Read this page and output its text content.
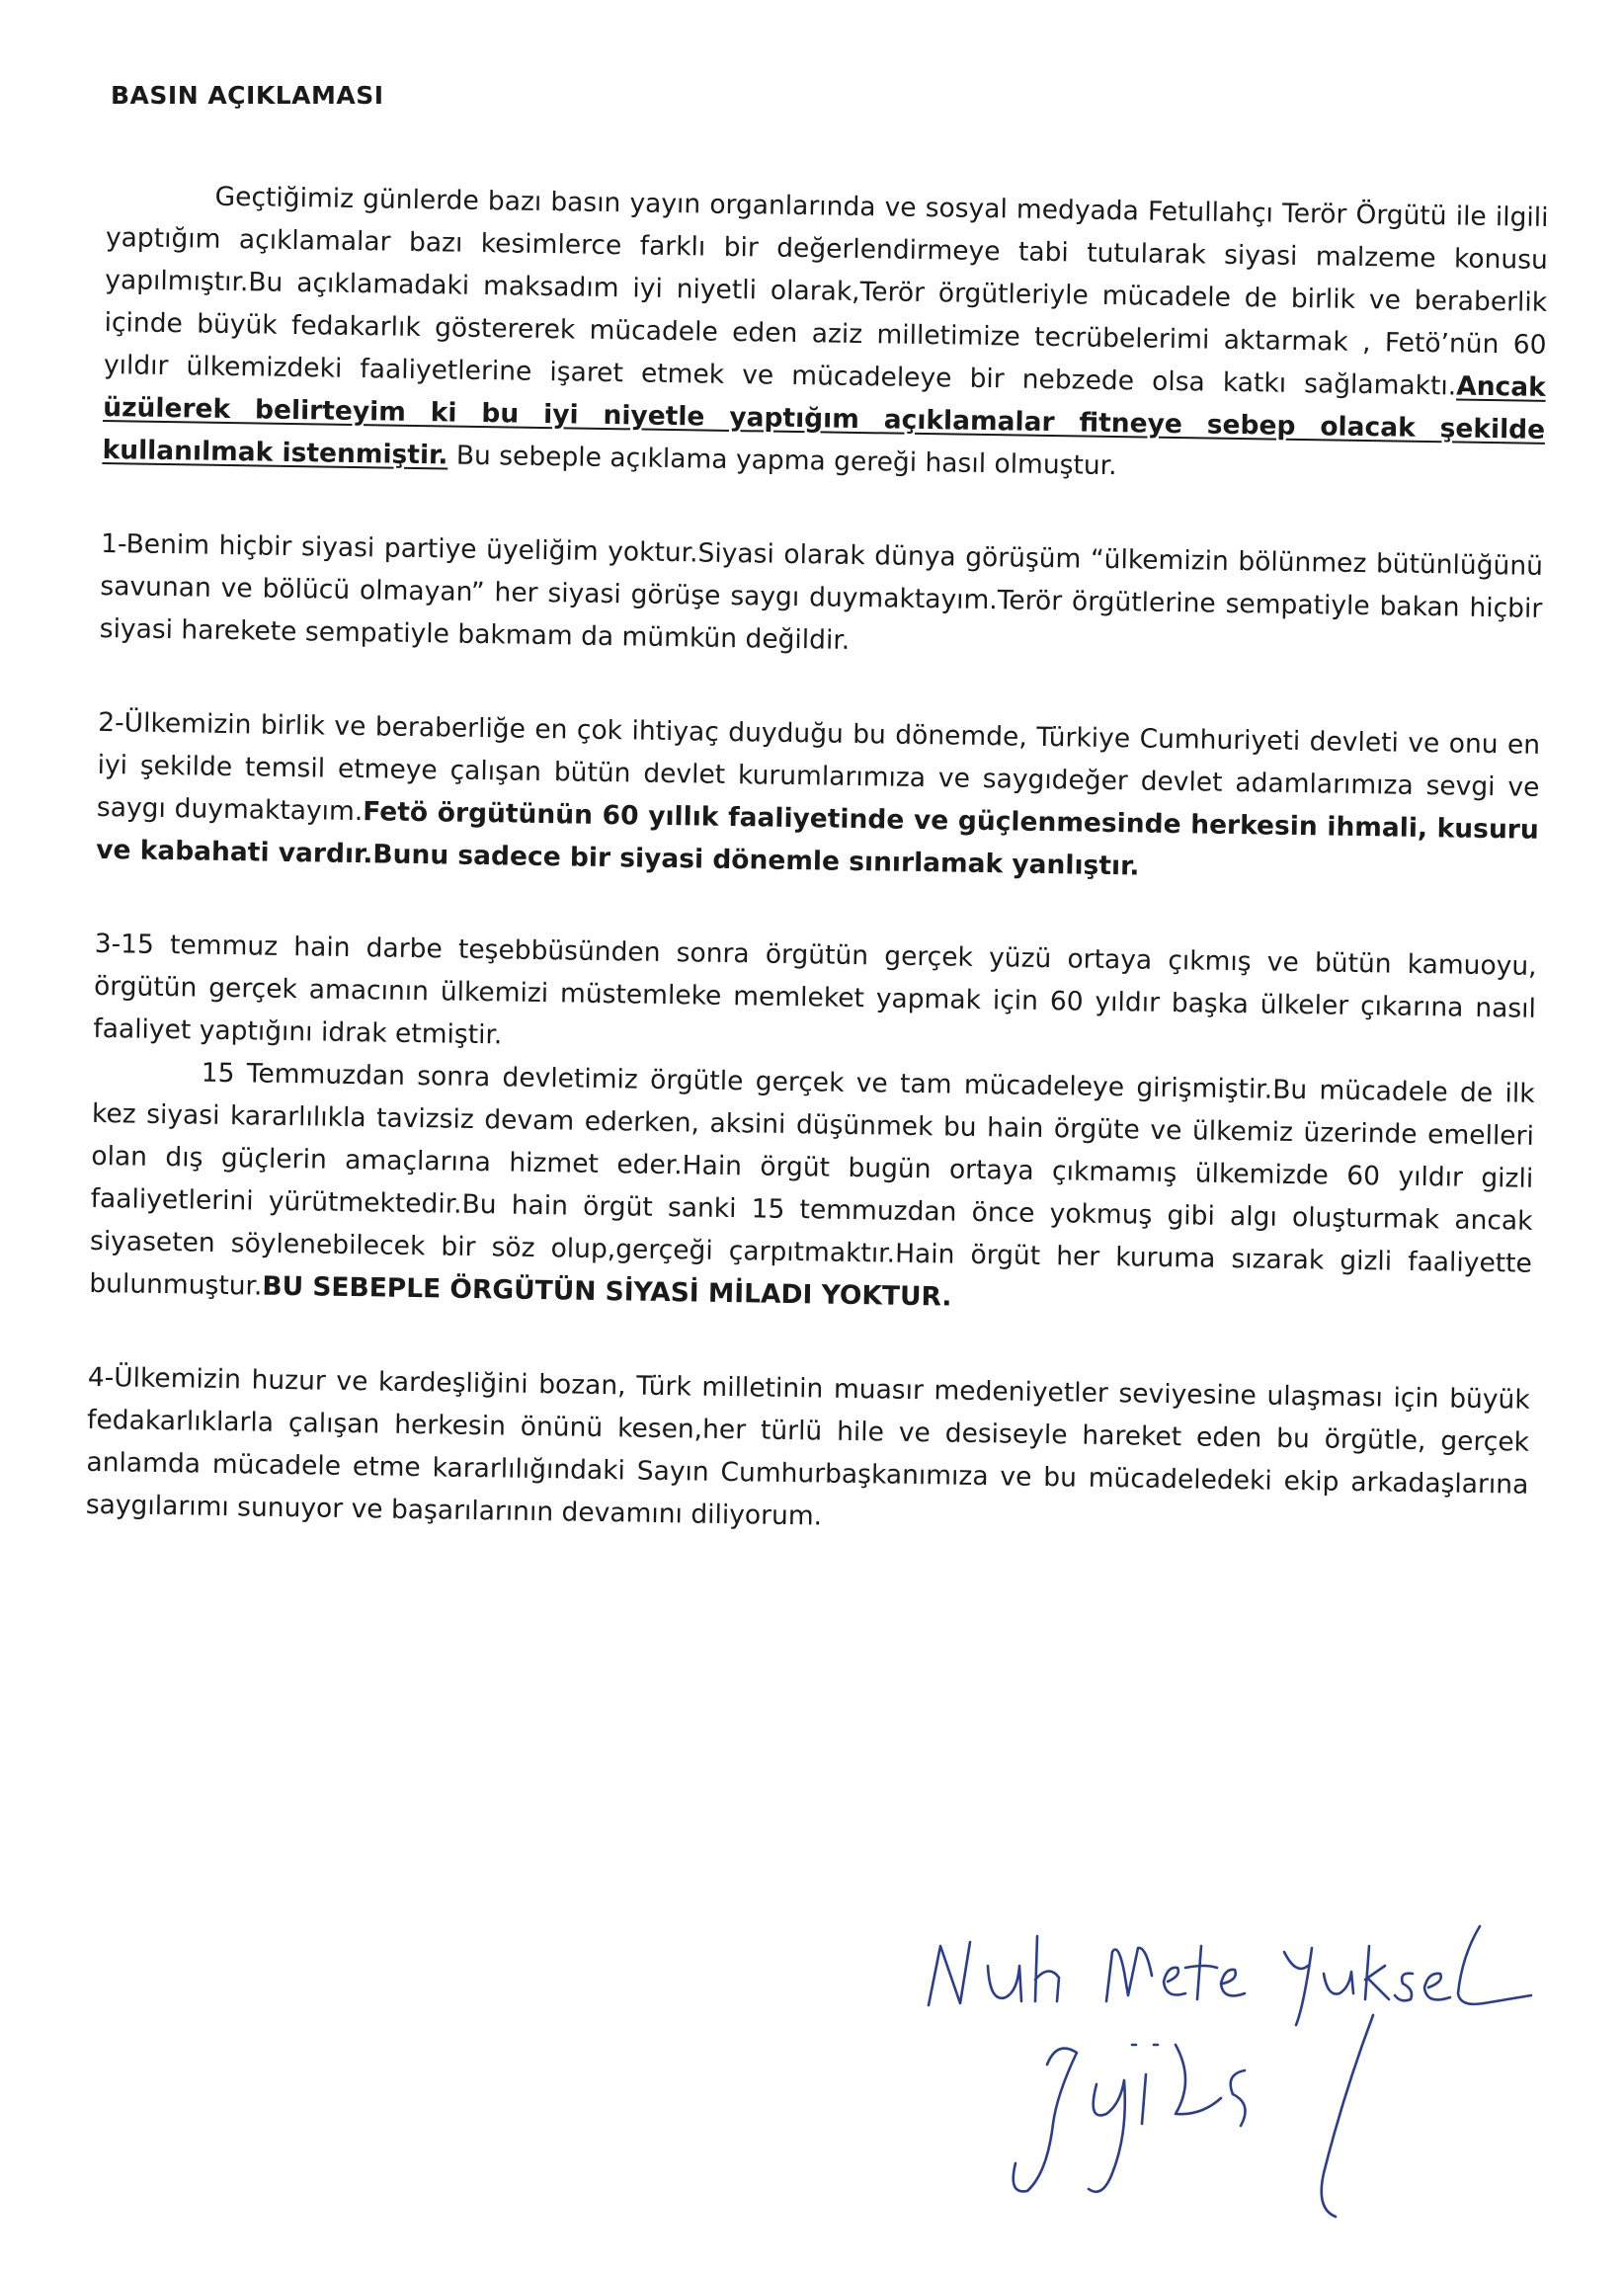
BASIN AÇIKLAMASI

Geçtiğimiz günlerde bazı basın yayın organlarında ve sosyal medyada Fetullahçı Terör Örgütü ile ilgili yaptığım açıklamalar bazı kesimlerce farklı bir değerlendirmeye tabi tutularak siyasi malzeme konusu yapılmıştır.Bu açıklamadaki maksadım iyi niyetli olarak,Terör örgütleriyle mücadele de birlik ve beraberlik içinde büyük fedakarlık göstererek mücadele eden aziz milletimize tecrübelerimi aktarmak , Fetö’nün 60 yıldır ülkemizdeki faaliyetlerine işaret etmek ve mücadeleye bir nebzede olsa katkı sağlamaktı.Ancak üzülerek belirteyim ki bu iyi niyetle yaptığım açıklamalar fitneye sebep olacak şekilde kullanılmak istenmiştir. Bu sebeple açıklama yapma gereği hasıl olmuştur.

1-Benim hiçbir siyasi partiye üyeliğim yoktur.Siyasi olarak dünya görüşüm “ülkemizin bölünmez bütünlüğünü savunan ve bölücü olmayan” her siyasi görüşe saygı duymaktayım.Terör örgütlerine sempatiyle bakan hiçbir siyasi harekete sempatiyle bakmam da mümkün değildir.

2-Ülkemizin birlik ve beraberliğe en çok ihtiyaç duyduğu bu dönemde, Türkiye Cumhuriyeti devleti ve onu en iyi şekilde temsil etmeye çalışan bütün devlet kurumlarımıza ve saygıdeğer devlet adamlarımıza sevgi ve saygı duymaktayım.Fetö örgütünün 60 yıllık faaliyetinde ve güçlenmesinde herkesin ihmali, kusuru ve kabahati vardır.Bunu sadece bir siyasi dönemle sınırlamak yanlıştır.

3-15 temmuz hain darbe teşebbüsünden sonra örgütün gerçek yüzü ortaya çıkmış ve bütün kamuoyu, örgütün gerçek amacının ülkemizi müstemleke memleket yapmak için 60 yıldır başka ülkeler çıkarına nasıl faaliyet yaptığını idrak etmiştir.

15 Temmuzdan sonra devletimiz örgütle gerçek ve tam mücadeleye girişmiştir.Bu mücadele de ilk kez siyasi kararlılıkla tavizsiz devam ederken, aksini düşünmek bu hain örgüte ve ülkemiz üzerinde emelleri olan dış güçlerin amaçlarına hizmet eder.Hain örgüt bugün ortaya çıkmamış ülkemizde 60 yıldır gizli faaliyetlerini yürütmektedir.Bu hain örgüt sanki 15 temmuzdan önce yokmuş gibi algı oluşturmak ancak siyaseten söylenebilecek bir söz olup,gerçeği çarpıtmaktır.Hain örgüt her kuruma sızarak gizli faaliyette bulunmuştur.BU SEBEPLE ÖRGÜTÜN SİYASİ MİLADI YOKTUR.

4-Ülkemizin huzur ve kardeşliğini bozan, Türk milletinin muasır medeniyetler seviyesine ulaşması için büyük fedakarlıklarla çalışan herkesin önünü kesen,her türlü hile ve desiseyle hareket eden bu örgütle, gerçek anlamda mücadele etme kararlılığındaki Sayın Cumhurbaşkanımıza ve bu mücadeledeki ekip arkadaşlarına saygılarımı sunuyor ve başarılarının devamını diliyorum.
